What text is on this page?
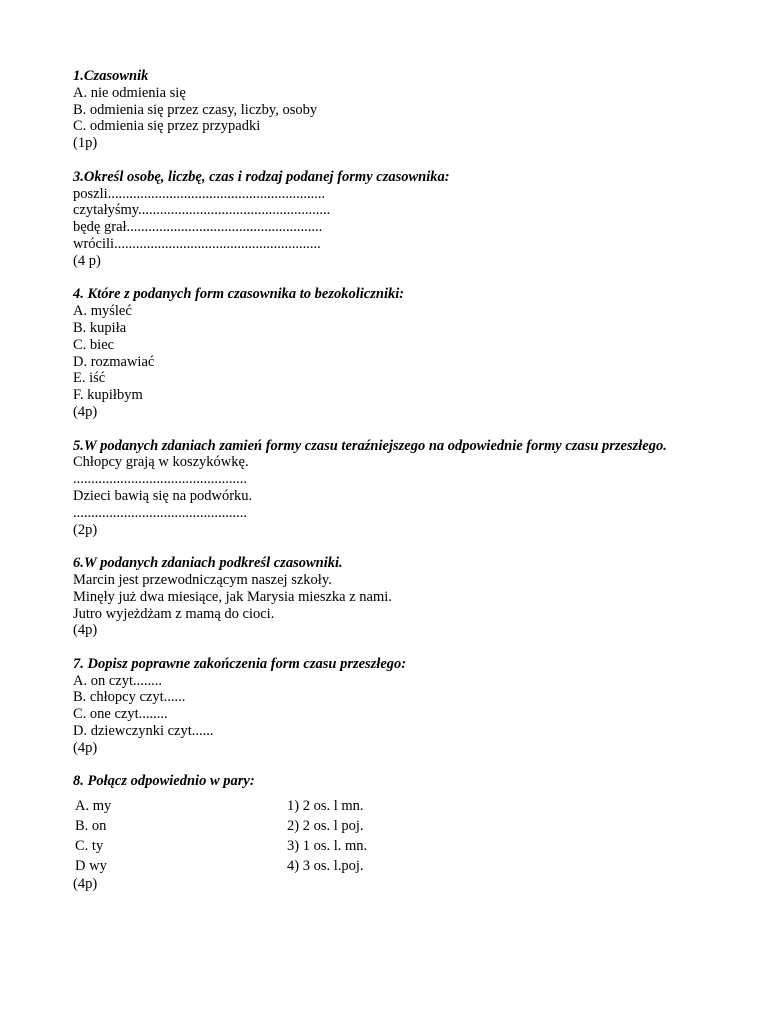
1.Czasownik
A. nie odmienia się
B. odmienia się przez czasy, liczby, osoby
C. odmienia się przez przypadki
(1p)
3.Określ osobę, liczbę, czas i rodzaj podanej formy czasownika:
poszli............................................................
czytałyśmy.....................................................
będę grał......................................................
wrócili.........................................................
(4 p)
4. Które z podanych form czasownika to bezokoliczniki:
A. myśleć
B. kupiła
C. biec
D. rozmawiać
E. iść
F. kupiłbym
(4p)
5.W podanych zdaniach zamień formy czasu teraźniejszego na odpowiednie formy czasu przeszłego.
Chłopcy grają w koszykówkę.
................................................
Dzieci bawią się na podwórku.
................................................
(2p)
6.W podanych zdaniach podkreśl czasowniki.
Marcin jest przewodniczącym naszej szkoły.
Minęły już dwa miesiące, jak Marysia mieszka z nami.
Jutro wyjeżdżam z mamą do cioci.
(4p)
7. Dopisz poprawne zakończenia form czasu przeszłego:
A. on czyt........
B. chłopcy czyt......
C. one czyt........
D. dziewczynki czyt......
(4p)
8. Połącz odpowiednio w pary:
A. my	1) 2 os. l mn.
B. on	2) 2 os. l poj.
C. ty	3) 1 os. l. mn.
D wy	4) 3 os. l.poj.
(4p)
